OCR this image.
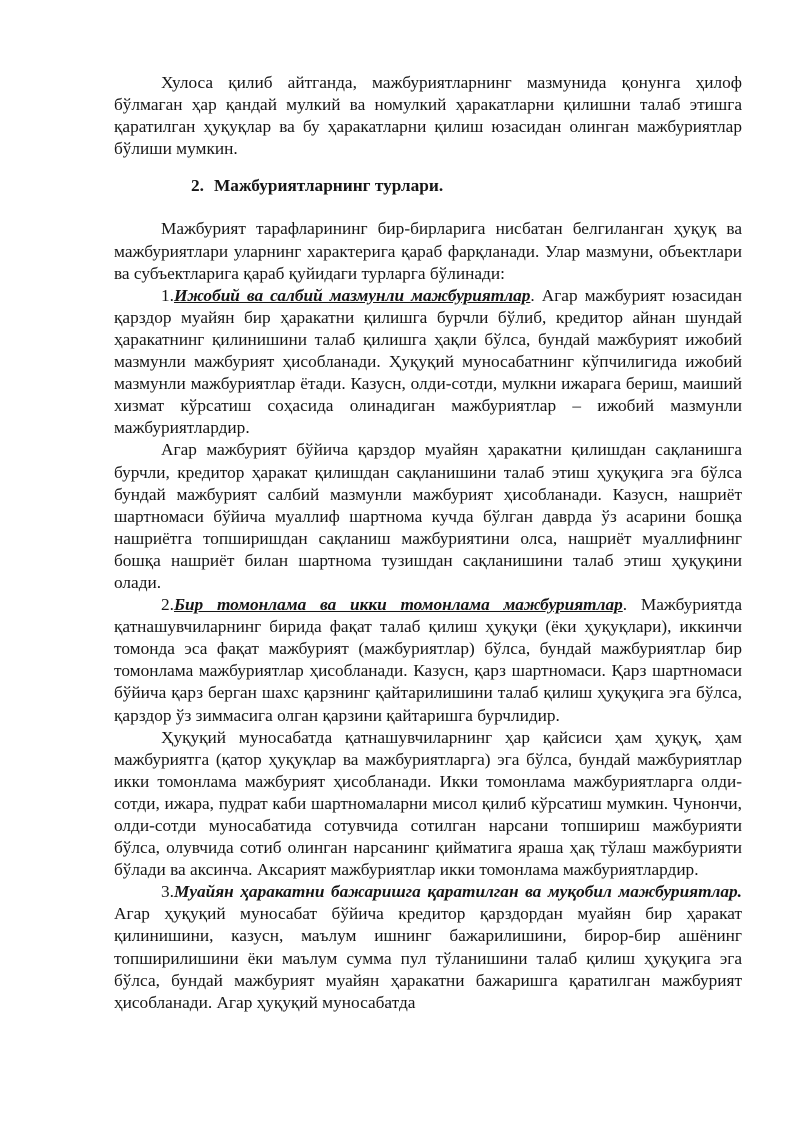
Хулоса қилиб айтганда, мажбуриятларнинг мазмунида қонунга ҳилоф бўлмаган ҳар қандай мулкий ва номулкий ҳаракатларни қилишни талаб этишга қаратилган ҳуқуқлар ва бу ҳаракатларни қилиш юзасидан олинган мажбуриятлар бўлиши мумкин.

2. Мажбуриятларнинг турлари.

Мажбурият тарафларининг бир-бирларига нисбатан белгиланган ҳуқуқ ва мажбуриятлари уларнинг характерига қараб фарқланади. Улар мазмуни, объектлари ва субъектларига қараб қуйидаги турларга бўлинади:

1.Ижобий ва салбий мазмунли мажбуриятлар. Агар мажбурият юзасидан қарздор муайян бир ҳаракатни қилишга бурчли бўлиб, кредитор айнан шундай ҳаракатнинг қилинишини талаб қилишга ҳақли бўлса, бундай мажбурият ижобий мазмунли мажбурият ҳисобланади. Ҳуқуқий муносабатнинг кўпчилигида ижобий мазмунли мажбуриятлар ётади. Казусн, олди-сотди, мулкни ижарага бериш, маиший хизмат кўрсатиш соҳасида олинадиган мажбуриятлар – ижобий мазмунли мажбуриятлардир.

Агар мажбурият бўйича қарздор муайян ҳаракатни қилишдан сақланишга бурчли, кредитор ҳаракат қилишдан сақланишини талаб этиш ҳуқуқига эга бўлса бундай мажбурият салбий мазмунли мажбурият ҳисобланади. Казусн, нашриёт шартномаси бўйича муаллиф шартнома кучда бўлган даврда ўз асарини бошқа нашриётга топширишдан сақланиш мажбуриятини олса, нашриёт муаллифнинг бошқа нашриёт билан шартнома тузишдан сақланишини талаб этиш ҳуқуқини олади.

2.Бир томонлама ва икки томонлама мажбуриятлар. Мажбуриятда қатнашувчиларнинг бирида фақат талаб қилиш ҳуқуқи (ёки ҳуқуқлари), иккинчи томонда эса фақат мажбурият (мажбуриятлар) бўлса, бундай мажбуриятлар бир томонлама мажбуриятлар ҳисобланади. Казусн, қарз шартномаси. Қарз шартномаси бўйича қарз берган шахс қарзнинг қайтарилишини талаб қилиш ҳуқуқига эга бўлса, қарздор ўз зиммасига олган қарзини қайтаришга бурчлидир.

Ҳуқуқий муносабатда қатнашувчиларнинг ҳар қайсиси ҳам ҳуқуқ, ҳам мажбуриятга (қатор ҳуқуқлар ва мажбуриятларга) эга бўлса, бундай мажбуриятлар икки томонлама мажбурият ҳисобланади. Икки томонлама мажбуриятларга олди-сотди, ижара, пудрат каби шартномаларни мисол қилиб кўрсатиш мумкин. Чунончи, олди-сотди муносабатида сотувчида сотилган нарсани топшириш мажбурияти бўлса, олувчида сотиб олинган нарсанинг қийматига яраша ҳақ тўлаш мажбурияти бўлади ва аксинча. Аксарият мажбуриятлар икки томонлама мажбуриятлардир.

3.Муайян ҳаракатни бажаришга қаратилган ва муқобил мажбуриятлар. Агар ҳуқуқий муносабат бўйича кредитор қарздордан муайян бир ҳаракат қилинишини, казусн, маълум ишнинг бажарилишини, бирор-бир ашёнинг топширилишини ёки маълум сумма пул тўланишини талаб қилиш ҳуқуқига эга бўлса, бундай мажбурият муайян ҳаракатни бажаришга қаратилган мажбурият ҳисобланади. Агар ҳуқуқий муносабатда
